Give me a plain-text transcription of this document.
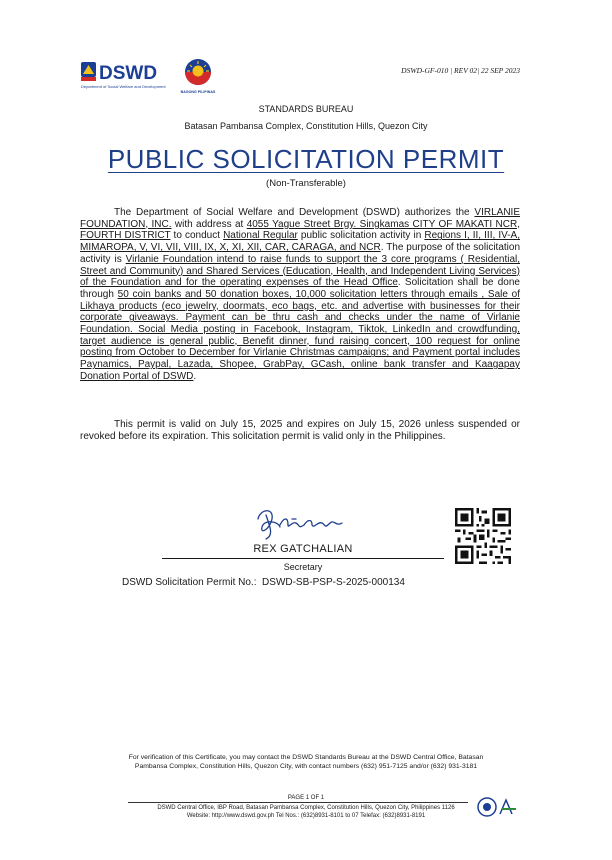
DSWD
Department of Social Welfare and Development
BAGONG PILIPINAS
DSWD-GF-010 | REV 02| 22 SEP 2023
STANDARDS BUREAU
Batasan Pambansa Complex, Constitution Hills, Quezon City
PUBLIC SOLICITATION PERMIT
(Non-Transferable)

The Department of Social Welfare and Development (DSWD) authorizes the VIRLANIE FOUNDATION, INC. with address at 4055 Yague Street Brgy. Singkamas CITY OF MAKATI NCR, FOURTH DISTRICT to conduct National Regular public solicitation activity in Regions I, II, III, IV-A, MIMAROPA, V, VI, VII, VIII, IX, X, XI, XII, CAR, CARAGA, and NCR. The purpose of the solicitation activity is Virlanie Foundation intend to raise funds to support the 3 core programs ( Residential, Street and Community) and Shared Services (Education, Health, and Independent Living Services) of the Foundation and for the operating expenses of the Head Office. Solicitation shall be done through 50 coin banks and 50 donation boxes, 10,000 solicitation letters through emails , Sale of Likhaya products (eco jewelry, doormats, eco bags, etc. and advertise with businesses for their corporate giveaways. Payment can be thru cash and checks under the name of Virlanie Foundation. Social Media posting in Facebook, Instagram, Tiktok, LinkedIn and crowdfunding, target audience is general public, Benefit dinner, fund raising concert, 100 request for online posting from October to December for Virlanie Christmas campaigns; and Payment portal includes Paynamics, Paypal, Lazada, Shopee, GrabPay, GCash, online bank transfer and Kaagapay Donation Portal of DSWD.

This permit is valid on July 15, 2025 and expires on July 15, 2026 unless suspended or revoked before its expiration. This solicitation permit is valid only in the Philippines.

REX GATCHALIAN
Secretary
DSWD Solicitation Permit No.: DSWD-SB-PSP-S-2025-000134
For verification of this Certificate, you may contact the DSWD Standards Bureau at the DSWD Central Office, Batasan Pambansa Complex, Constitution Hills, Quezon City, with contact numbers (632) 951-7125 and/or (632) 931-3181
PAGE 1 OF 1
DSWD Central Office, IBP Road, Batasan Pambansa Complex, Constitution Hills, Quezon City, Philippines 1126
Website: http://www.dswd.gov.ph Tel Nos.: (632)8931-8101 to 07 Telefax: (632)8931-8191
